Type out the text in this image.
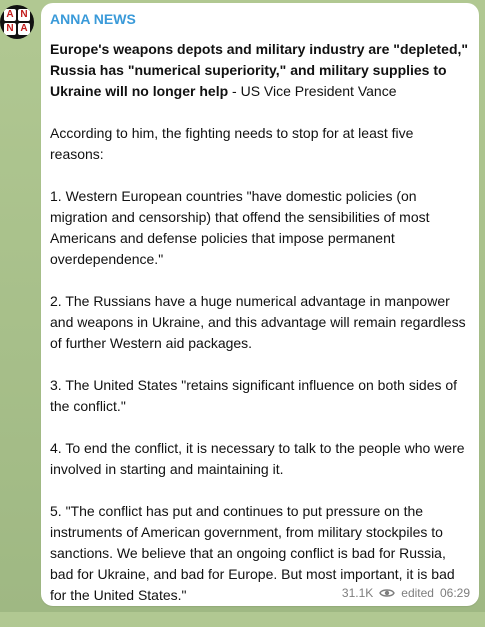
A N
N A
ANNA NEWS

Europe's weapons depots and military industry are "depleted," Russia has "numerical superiority," and military supplies to Ukraine will no longer help - US Vice President Vance

According to him, the fighting needs to stop for at least five reasons:

1. Western European countries "have domestic policies (on migration and censorship) that offend the sensibilities of most Americans and defense policies that impose permanent overdependence."

2. The Russians have a huge numerical advantage in manpower and weapons in Ukraine, and this advantage will remain regardless of further Western aid packages.

3. The United States "retains significant influence on both sides of the conflict."

4. To end the conflict, it is necessary to talk to the people who were involved in starting and maintaining it.

5. "The conflict has put and continues to put pressure on the instruments of American government, from military stockpiles to sanctions. We believe that an ongoing conflict is bad for Russia, bad for Ukraine, and bad for Europe. But most important, it is bad for the United States."	31.1K edited 06:29
